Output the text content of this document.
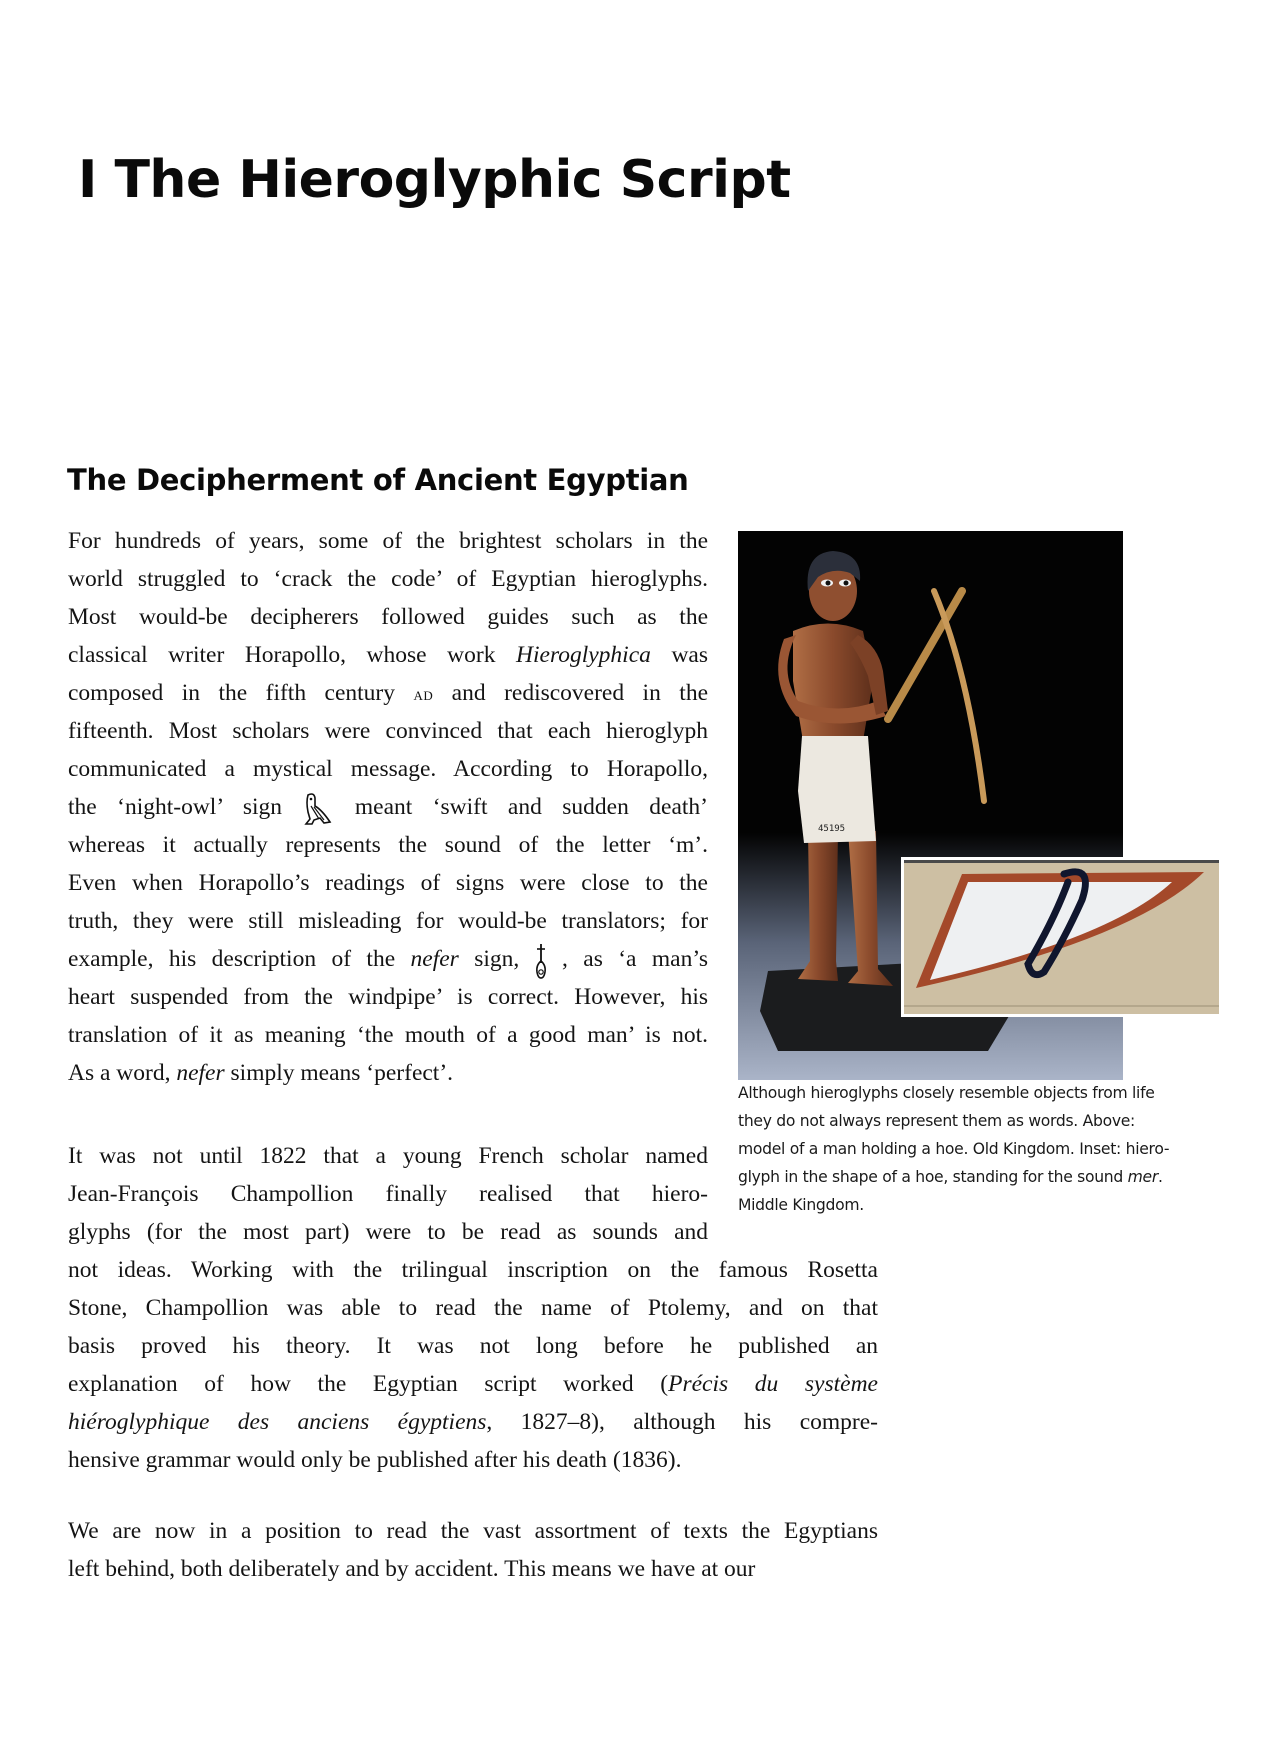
I The Hieroglyphic Script
The Decipherment of Ancient Egyptian
For hundreds of years, some of the brightest scholars in the
world struggled to ‘crack the code’ of Egyptian hieroglyphs.
Most would-be decipherers followed guides such as the
classical writer Horapollo, whose work Hieroglyphica was
composed in the fifth century ad and rediscovered in the
fifteenth. Most scholars were convinced that each hieroglyph
communicated a mystical message. According to Horapollo,
the ‘night-owl’ sign
meant ‘swift and sudden death’
whereas it actually represents the sound of the letter ‘m’.
Even when Horapollo’s readings of signs were close to the
truth, they were still misleading for would-be translators; for
example, his description of the nefer sign,
, as ‘a man’s
heart suspended from the windpipe’ is correct. However, his
translation of it as meaning ‘the mouth of a good man’ is not.
As a word, nefer simply means ‘perfect’.
It was not until 1822 that a young French scholar named
Jean-François Champollion finally realised that hiero-
glyphs (for the most part) were to be read as sounds and
not ideas. Working with the trilingual inscription on the famous Rosetta
Stone, Champollion was able to read the name of Ptolemy, and on that
basis proved his theory. It was not long before he published an
explanation of how the Egyptian script worked (Précis du système
hiéroglyphique des anciens égyptiens, 1827–8), although his compre-
hensive grammar would only be published after his death (1836).
We are now in a position to read the vast assortment of texts the Egyptians
left behind, both deliberately and by accident. This means we have at our
45195
Although hieroglyphs closely resemble objects from life
they do not always represent them as words. Above:
model of a man holding a hoe. Old Kingdom. Inset: hiero-
glyph in the shape of a hoe, standing for the sound mer.
Middle Kingdom.
